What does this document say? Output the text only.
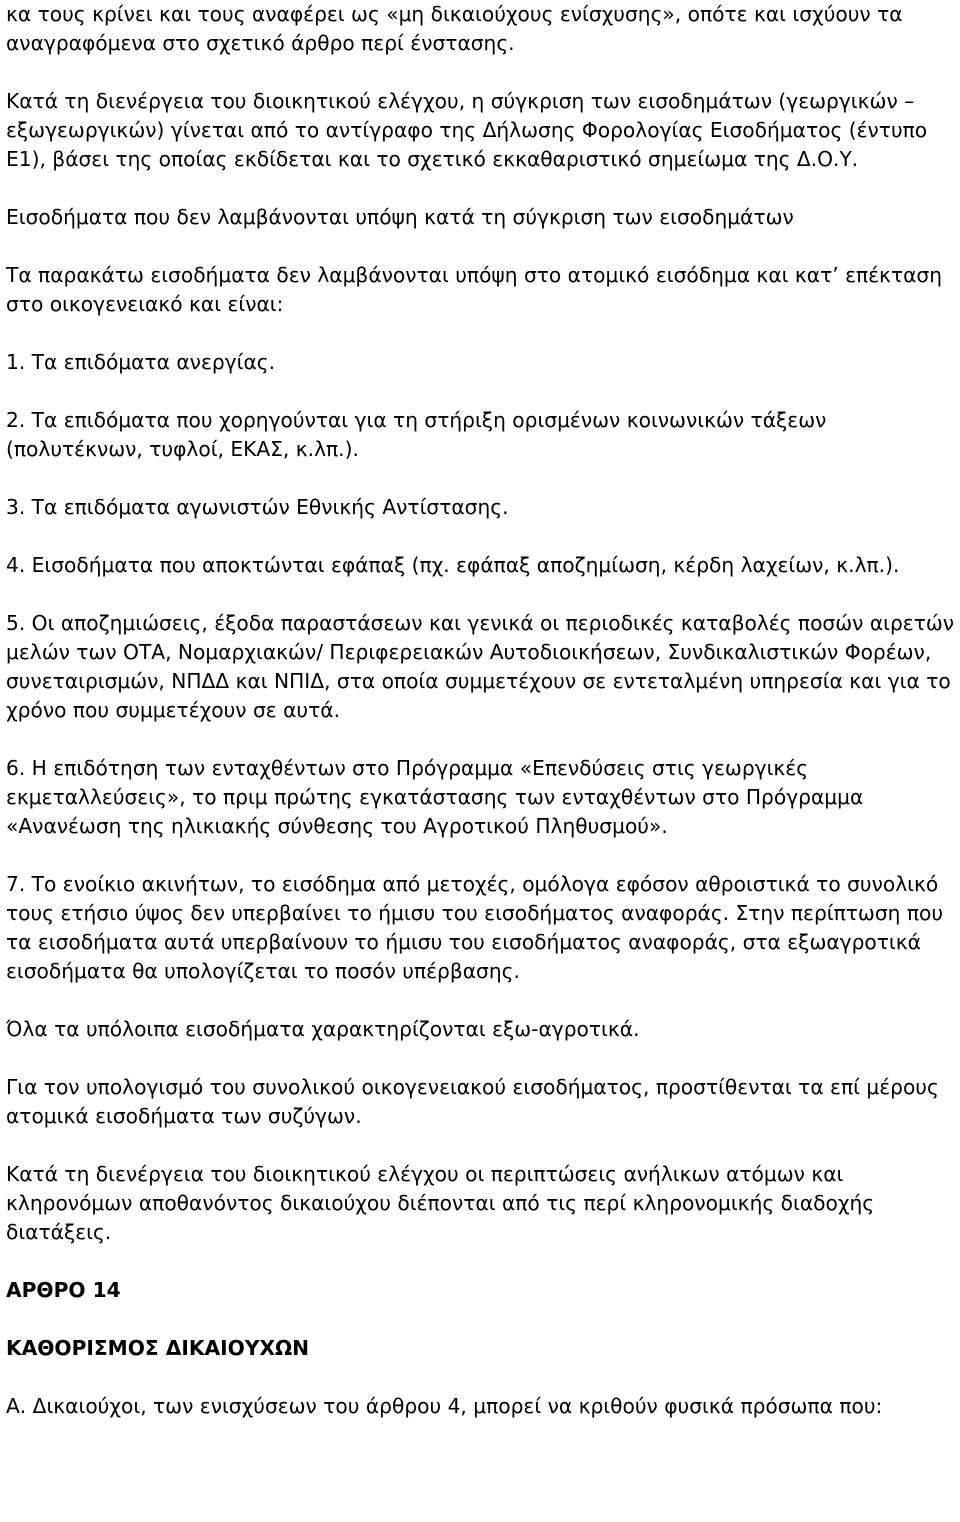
κα τους κρίνει και τους αναφέρει ως «μη δικαιούχους ενίσχυσης», οπότε και ισχύουν τα αναγραφόμενα στο σχετικό άρθρο περί ένστασης.

Κατά τη διενέργεια του διοικητικού ελέγχου, η σύγκριση των εισοδημάτων (γεωργικών – εξωγεωργικών) γίνεται από το αντίγραφο της Δήλωσης Φορολογίας Εισοδήματος (έντυπο Ε1), βάσει της οποίας εκδίδεται και το σχετικό εκκαθαριστικό σημείωμα της Δ.Ο.Υ.

Εισοδήματα που δεν λαμβάνονται υπόψη κατά τη σύγκριση των εισοδημάτων

Τα παρακάτω εισοδήματα δεν λαμβάνονται υπόψη στο ατομικό εισόδημα και κατ’ επέκταση στο οικογενειακό και είναι:

1. Τα επιδόματα ανεργίας.

2. Τα επιδόματα που χορηγούνται για τη στήριξη ορισμένων κοινωνικών τάξεων (πολυτέκνων, τυφλοί, ΕΚΑΣ, κ.λπ.).

3. Τα επιδόματα αγωνιστών Εθνικής Αντίστασης.

4. Εισοδήματα που αποκτώνται εφάπαξ (πχ. εφάπαξ αποζημίωση, κέρδη λαχείων, κ.λπ.).

5. Οι αποζημιώσεις, έξοδα παραστάσεων και γενικά οι περιοδικές καταβολές ποσών αιρετών μελών των ΟΤΑ, Νομαρχιακών/ Περιφερειακών Αυτοδιοικήσεων, Συνδικαλιστικών Φορέων, συνεταιρισμών, ΝΠΔΔ και ΝΠΙΔ, στα οποία συμμετέχουν σε εντεταλμένη υπηρεσία και για το χρόνο που συμμετέχουν σε αυτά.

6. Η επιδότηση των ενταχθέντων στο Πρόγραμμα «Επενδύσεις στις γεωργικές εκμεταλλεύσεις», το πριμ πρώτης εγκατάστασης των ενταχθέντων στο Πρόγραμμα «Ανανέωση της ηλικιακής σύνθεσης του Αγροτικού Πληθυσμού».

7. Το ενοίκιο ακινήτων, το εισόδημα από μετοχές, ομόλογα εφόσον αθροιστικά το συνολικό τους ετήσιο ύψος δεν υπερβαίνει το ήμισυ του εισοδήματος αναφοράς. Στην περίπτωση που τα εισοδήματα αυτά υπερβαίνουν το ήμισυ του εισοδήματος αναφοράς, στα εξωαγροτικά εισοδήματα θα υπολογίζεται το ποσόν υπέρβασης.

Όλα τα υπόλοιπα εισοδήματα χαρακτηρίζονται εξω-αγροτικά.

Για τον υπολογισμό του συνολικού οικογενειακού εισοδήματος, προστίθενται τα επί μέρους ατομικά εισοδήματα των συζύγων.

Κατά τη διενέργεια του διοικητικού ελέγχου οι περιπτώσεις ανήλικων ατόμων και κληρονόμων αποθανόντος δικαιούχου διέπονται από τις περί κληρονομικής διαδοχής διατάξεις.

ΑΡΘΡΟ 14

ΚΑΘΟΡΙΣΜΟΣ ΔΙΚΑΙΟΥΧΩΝ

Α. Δικαιούχοι, των ενισχύσεων του άρθρου 4, μπορεί να κριθούν φυσικά πρόσωπα που:
